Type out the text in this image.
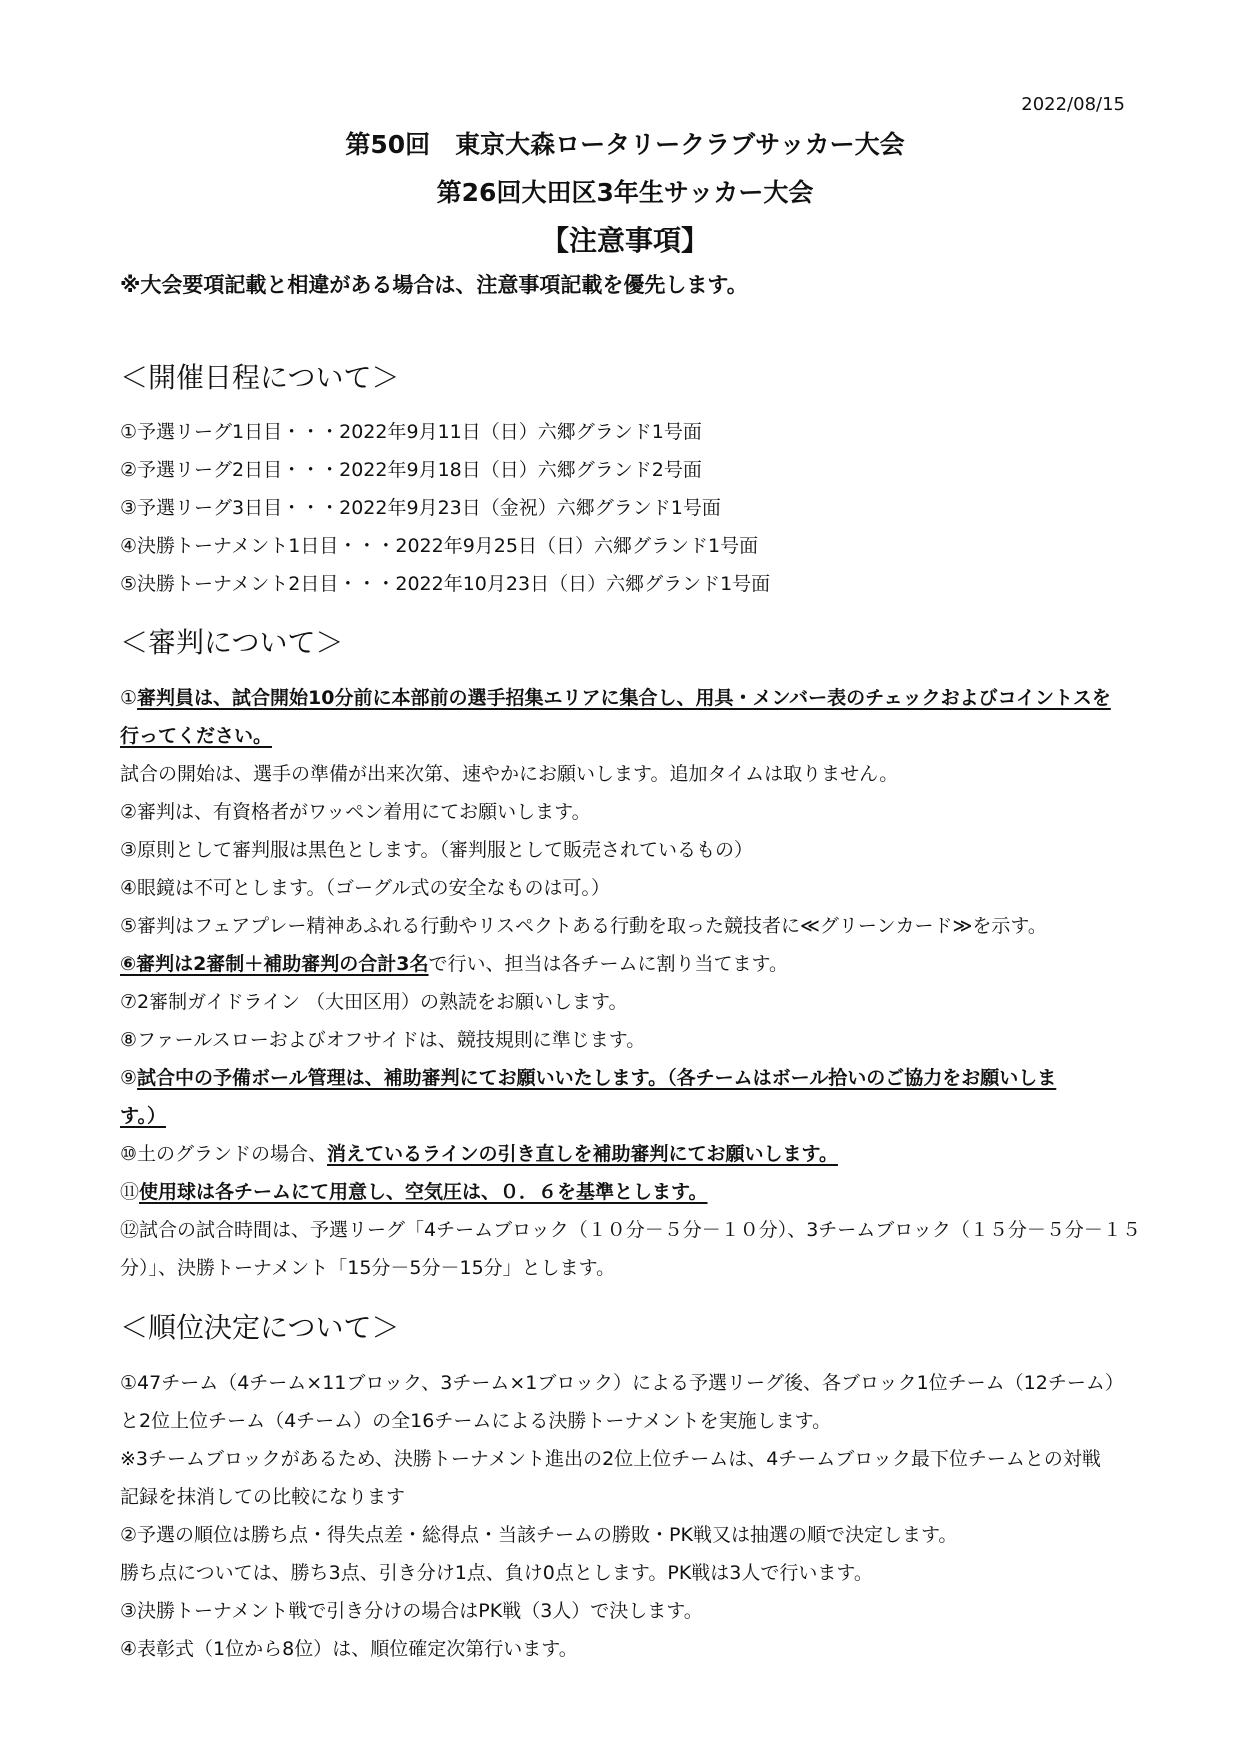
2022/08/15
第50回　東京大森ロータリークラブサッカー大会
第26回大田区3年生サッカー大会
【注意事項】
※大会要項記載と相違がある場合は、注意事項記載を優先します。
＜開催日程について＞
①予選リーグ1日目・・・2022年9月11日（日）六郷グランド1号面
②予選リーグ2日目・・・2022年9月18日（日）六郷グランド2号面
③予選リーグ3日目・・・2022年9月23日（金祝）六郷グランド1号面
④決勝トーナメント1日目・・・2022年9月25日（日）六郷グランド1号面
⑤決勝トーナメント2日目・・・2022年10月23日（日）六郷グランド1号面
＜審判について＞
①審判員は、試合開始10分前に本部前の選手招集エリアに集合し、用具・メンバー表のチェックおよびコイントスを
行ってください。
試合の開始は、選手の準備が出来次第、速やかにお願いします。追加タイムは取りません。
②審判は、有資格者がワッペン着用にてお願いします。
③原則として審判服は黒色とします。（審判服として販売されているもの）
④眼鏡は不可とします。（ゴーグル式の安全なものは可。）
⑤審判はフェアプレー精神あふれる行動やリスペクトある行動を取った競技者に≪グリーンカード≫を示す。
⑥審判は2審制＋補助審判の合計3名で行い、担当は各チームに割り当てます。
⑦2審制ガイドライン （大田区用）の熟読をお願いします。
⑧ファールスローおよびオフサイドは、競技規則に準じます。
⑨試合中の予備ボール管理は、補助審判にてお願いいたします。（各チームはボール拾いのご協力をお願いしま
す。）
⑩土のグランドの場合、消えているラインの引き直しを補助審判にてお願いします。
⑪使用球は各チームにて用意し、空気圧は、０．６を基準とします。
⑫試合の試合時間は、予選リーグ「4チームブロック（１０分－５分－１０分）、3チームブロック（１５分－５分－１５
分）」、決勝トーナメント「15分－5分－15分」とします。
＜順位決定について＞
①47チーム（4チーム×11ブロック、3チーム×1ブロック）による予選リーグ後、各ブロック1位チーム（12チーム）
と2位上位チーム（4チーム）の全16チームによる決勝トーナメントを実施します。
※3チームブロックがあるため、決勝トーナメント進出の2位上位チームは、4チームブロック最下位チームとの対戦
記録を抹消しての比較になります
②予選の順位は勝ち点・得失点差・総得点・当該チームの勝敗・PK戦又は抽選の順で決定します。
勝ち点については、勝ち3点、引き分け1点、負け0点とします。PK戦は3人で行います。
③決勝トーナメント戦で引き分けの場合はPK戦（3人）で決します。
④表彰式（1位から8位）は、順位確定次第行います。
